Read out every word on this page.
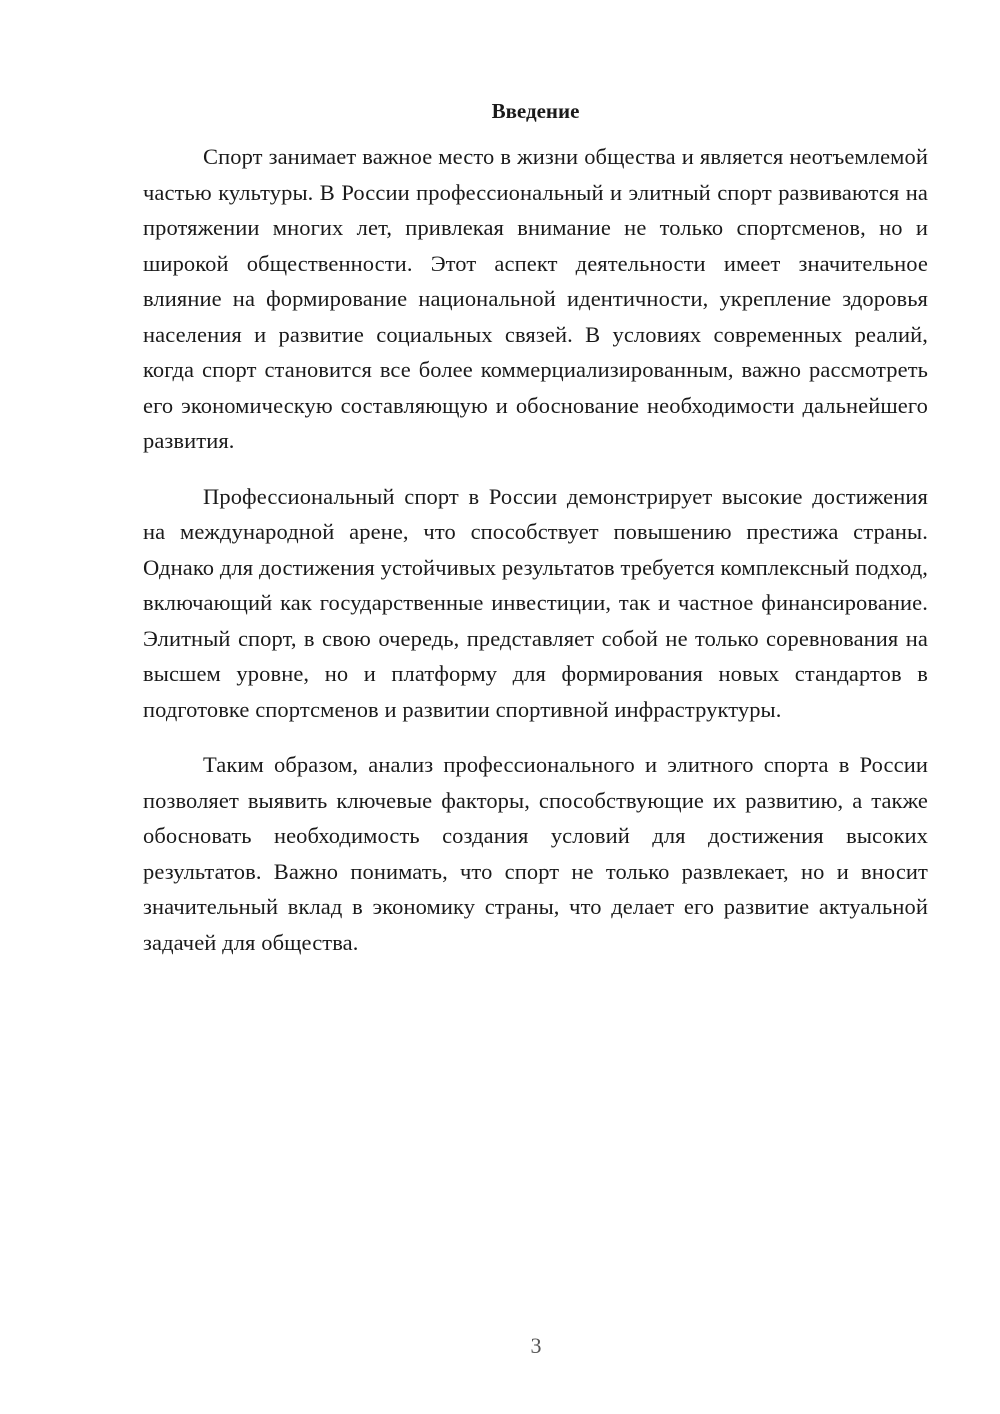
Введение

Спорт занимает важное место в жизни общества и является неотъемлемой частью культуры. В России профессиональный и элитный спорт развиваются на протяжении многих лет, привлекая внимание не только спортсменов, но и широкой общественности. Этот аспект деятельности имеет значительное влияние на формирование национальной идентичности, укрепление здоровья населения и развитие социальных связей. В условиях современных реалий, когда спорт становится все более коммерциализированным, важно рассмотреть его экономическую составляющую и обоснование необходимости дальнейшего развития.

Профессиональный спорт в России демонстрирует высокие достижения на международной арене, что способствует повышению престижа страны. Однако для достижения устойчивых результатов требуется комплексный подход, включающий как государственные инвестиции, так и частное финансирование. Элитный спорт, в свою очередь, представляет собой не только соревнования на высшем уровне, но и платформу для формирования новых стандартов в подготовке спортсменов и развитии спортивной инфраструктуры.

Таким образом, анализ профессионального и элитного спорта в России позволяет выявить ключевые факторы, способствующие их развитию, а также обосновать необходимость создания условий для достижения высоких результатов. Важно понимать, что спорт не только развлекает, но и вносит значительный вклад в экономику страны, что делает его развитие актуальной задачей для общества.

3
